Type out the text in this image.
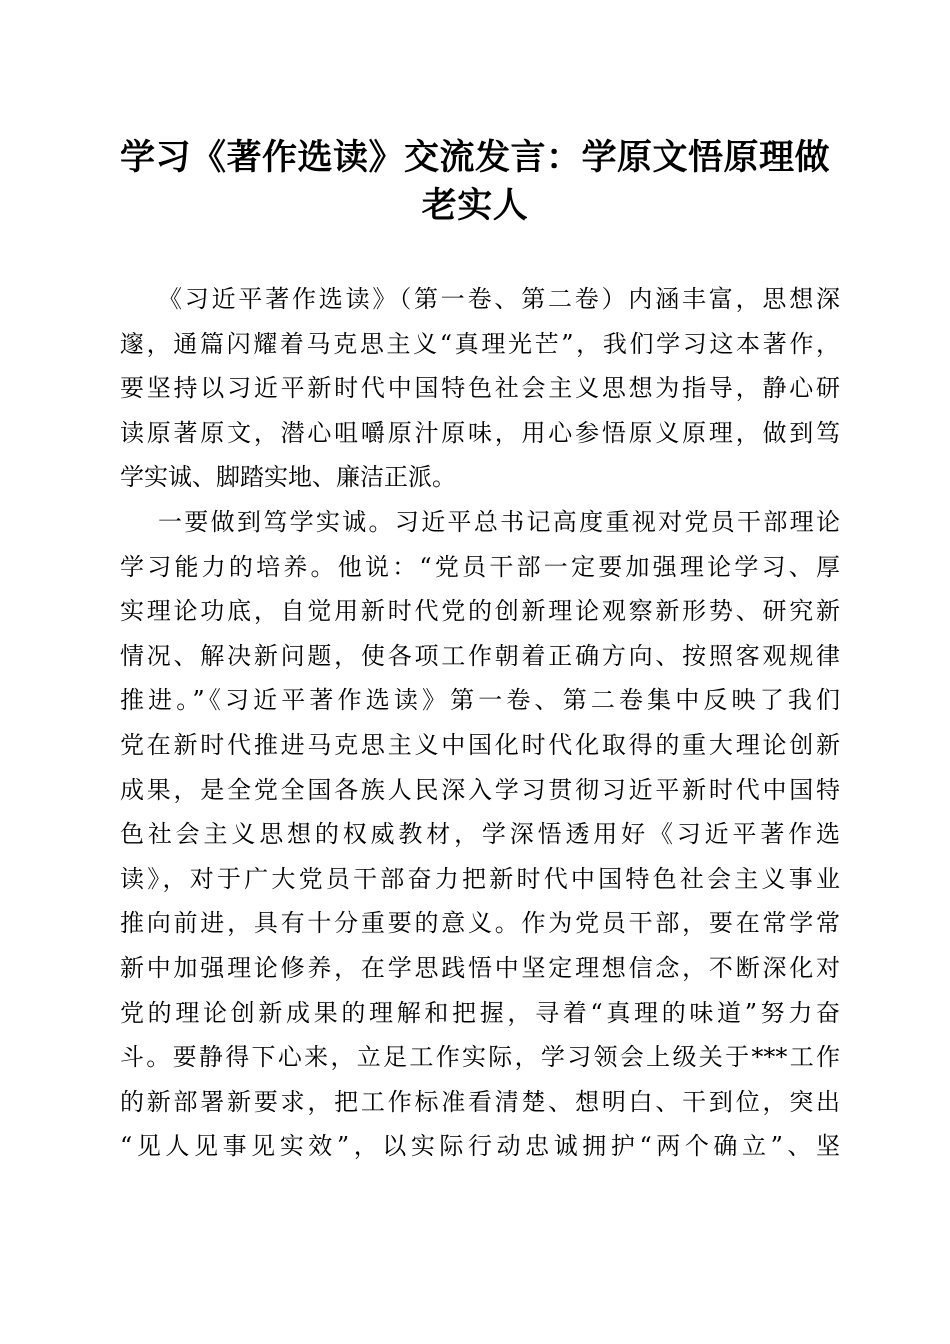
学习《著作选读》交流发言：学原文悟原理做
老实人
《习近平著作选读》（第一卷、第二卷）内涵丰富，思想深
邃，通篇闪耀着马克思主义“真理光芒”，我们学习这本著作，
要坚持以习近平新时代中国特色社会主义思想为指导，静心研
读原著原文，潜心咀嚼原汁原味，用心参悟原义原理，做到笃
学实诚、脚踏实地、廉洁正派。
一要做到笃学实诚。习近平总书记高度重视对党员干部理论
学习能力的培养。他说：“党员干部一定要加强理论学习、厚
实理论功底，自觉用新时代党的创新理论观察新形势、研究新
情况、解决新问题，使各项工作朝着正确方向、按照客观规律
推进。”《习近平著作选读》第一卷、第二卷集中反映了我们
党在新时代推进马克思主义中国化时代化取得的重大理论创新
成果，是全党全国各族人民深入学习贯彻习近平新时代中国特
色社会主义思想的权威教材，学深悟透用好《习近平著作选
读》，对于广大党员干部奋力把新时代中国特色社会主义事业
推向前进，具有十分重要的意义。作为党员干部，要在常学常
新中加强理论修养，在学思践悟中坚定理想信念，不断深化对
党的理论创新成果的理解和把握，寻着“真理的味道”努力奋
斗。要静得下心来，立足工作实际，学习领会上级关于***工作
的新部署新要求，把工作标准看清楚、想明白、干到位，突出
“见人见事见实效”，以实际行动忠诚拥护“两个确立”、坚
